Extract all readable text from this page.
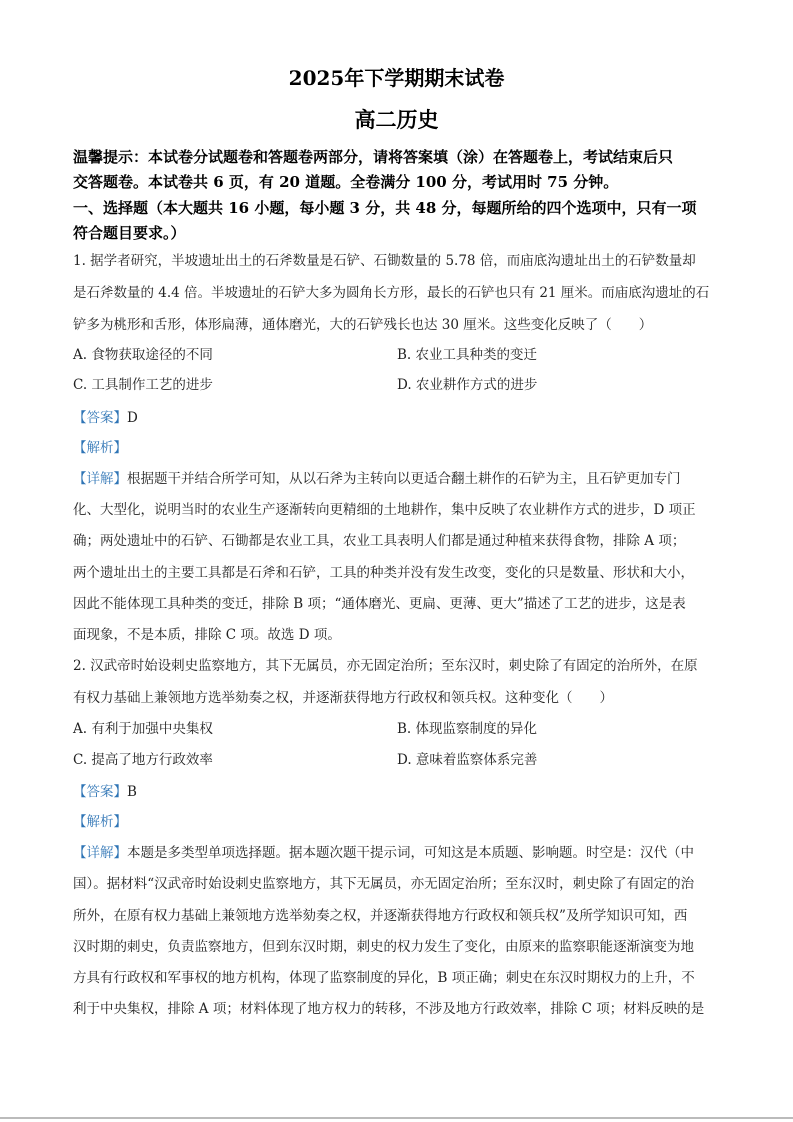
2025年下学期期末试卷
高二历史
温馨提示：本试卷分试题卷和答题卷两部分，请将答案填（涂）在答题卷上，考试结束后只
交答题卷。本试卷共 6 页，有 20 道题。全卷满分 100 分，考试用时 75 分钟。
一、选择题（本大题共 16 小题，每小题 3 分，共 48 分，每题所给的四个选项中，只有一项
符合题目要求。）
1. 据学者研究，半坡遗址出土的石斧数量是石铲、石锄数量的 5.78 倍，而庙底沟遗址出土的石铲数量却
是石斧数量的 4.4 倍。半坡遗址的石铲大多为圆角长方形，最长的石铲也只有 21 厘米。而庙底沟遗址的石
铲多为桃形和舌形，体形扁薄，通体磨光，大的石铲残长也达 30 厘米。这些变化反映了（　　）
A. 食物获取途径的不同	B. 农业工具种类的变迁
C. 工具制作工艺的进步	D. 农业耕作方式的进步
【答案】D
【解析】
【详解】根据题干并结合所学可知，从以石斧为主转向以更适合翻土耕作的石铲为主，且石铲更加专门
化、大型化，说明当时的农业生产逐渐转向更精细的土地耕作，集中反映了农业耕作方式的进步，D 项正
确；两处遗址中的石铲、石锄都是农业工具，农业工具表明人们都是通过种植来获得食物，排除 A 项；
两个遗址出土的主要工具都是石斧和石铲，工具的种类并没有发生改变，变化的只是数量、形状和大小，
因此不能体现工具种类的变迁，排除 B 项；“通体磨光、更扁、更薄、更大”描述了工艺的进步，这是表
面现象，不是本质，排除 C 项。故选 D 项。
2. 汉武帝时始设刺史监察地方，其下无属员，亦无固定治所；至东汉时，刺史除了有固定的治所外，在原
有权力基础上兼领地方选举劾奏之权，并逐渐获得地方行政权和领兵权。这种变化（　　）
A. 有利于加强中央集权	B. 体现监察制度的异化
C. 提高了地方行政效率	D. 意味着监察体系完善
【答案】B
【解析】
【详解】本题是多类型单项选择题。据本题次题干提示词，可知这是本质题、影响题。时空是：汉代（中
国）。据材料“汉武帝时始设刺史监察地方，其下无属员，亦无固定治所；至东汉时，刺史除了有固定的治
所外，在原有权力基础上兼领地方选举劾奏之权，并逐渐获得地方行政权和领兵权”及所学知识可知，西
汉时期的刺史，负责监察地方，但到东汉时期，刺史的权力发生了变化，由原来的监察职能逐渐演变为地
方具有行政权和军事权的地方机构，体现了监察制度的异化，B 项正确；刺史在东汉时期权力的上升，不
利于中央集权，排除 A 项；材料体现了地方权力的转移，不涉及地方行政效率，排除 C 项；材料反映的是
